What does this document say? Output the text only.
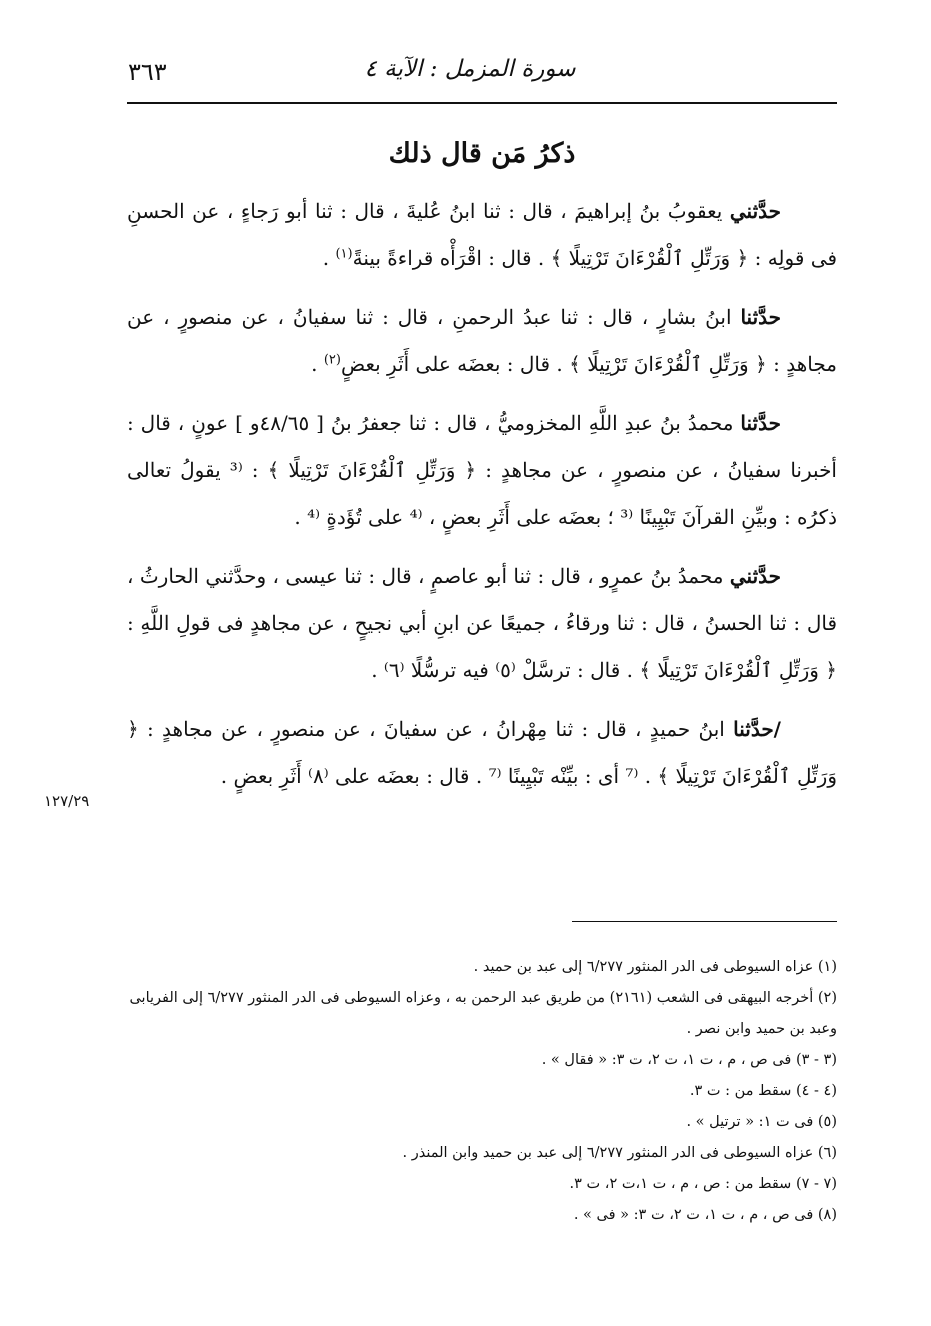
٣٦٣	سورة المزمل : الآية ٤
ذكرُ مَن قال ذلك

حدَّثني يعقوبُ بنُ إبراهيمَ ، قال : ثنا ابنُ عُليةَ ، قال : ثنا أبو رَجاءٍ ، عن الحسنِ فى قولِه : ﴿ وَرَتِّلِ ٱلْقُرْءَانَ تَرْتِيلًا ﴾ . قال : اقْرَأْه قراءةً بينةً$^{(١)}$ .

حدَّثنا ابنُ بشارٍ ، قال : ثنا عبدُ الرحمنِ ، قال : ثنا سفيانُ ، عن منصورٍ ، عن مجاهدٍ : ﴿ وَرَتِّلِ ٱلْقُرْءَانَ تَرْتِيلًا ﴾ . قال : بعضَه على أَثَرِ بعضٍ$^{(٢)}$ .

حدَّثنا محمدُ بنُ عبدِ اللَّهِ المخزوميُّ ، قال : ثنا جعفرُ بنُ [ ٤٨/٦٥و ] عونٍ ، قال : أخبرنا سفيانُ ، عن منصورٍ ، عن مجاهدٍ : ﴿ وَرَتِّلِ ٱلْقُرْءَانَ تَرْتِيلًا ﴾ : ⁽³ يقولُ تعالى ذكرُه : وبيِّنِ القرآنَ تَبْيِينًا ⁽³ ؛ بعضَه على أَثَرِ بعضٍ ، ⁽⁴ على تُؤَدةٍ ⁽⁴ .

حدَّثني محمدُ بنُ عمرٍو ، قال : ثنا أبو عاصمٍ ، قال : ثنا عيسى ، وحدَّثني الحارثُ ، قال : ثنا الحسنُ ، قال : ثنا ورقاءُ ، جميعًا عن ابنِ أبي نجيحٍ ، عن مجاهدٍ فى قولِ اللَّهِ : ﴿ وَرَتِّلِ ٱلْقُرْءَانَ تَرْتِيلًا ﴾ . قال : ترسَّلْ ⁽٥⁾ فيه ترسُّلًا ⁽٦⁾ .

/حدَّثنا ابنُ حميدٍ ، قال : ثنا مِهْرانُ ، عن سفيانَ ، عن منصورٍ ، عن مجاهدٍ : ﴿ وَرَتِّلِ ٱلْقُرْءَانَ تَرْتِيلًا ﴾ . ⁽⁷ أى : بيِّنْه تَبْيِينًا ⁽⁷ . قال : بعضَه على ⁽٨⁾ أَثَرِ بعضٍ .

١٢٧/٢٩

(١) عزاه السيوطى فى الدر المنثور ٦/٢٧٧ إلى عبد بن حميد .

(٢) أخرجه البيهقى فى الشعب (٢١٦١) من طريق عبد الرحمن به ، وعزاه السيوطى فى الدر المنثور ٦/٢٧٧ إلى الفريابى وعبد بن حميد وابن نصر .

(٣ - ٣) فى ص ، م ، ت ١، ت ٢، ت ٣: « فقال » .

(٤ - ٤) سقط من : ت ٣.

(٥) فى ت ١: « ترتيل » .

(٦) عزاه السيوطى فى الدر المنثور ٦/٢٧٧ إلى عبد بن حميد وابن المنذر .

(٧ - ٧) سقط من : ص ، م ، ت ١،ت ٢، ت ٣.

(٨) فى ص ، م ، ت ١، ت ٢، ت ٣: « فى » .
